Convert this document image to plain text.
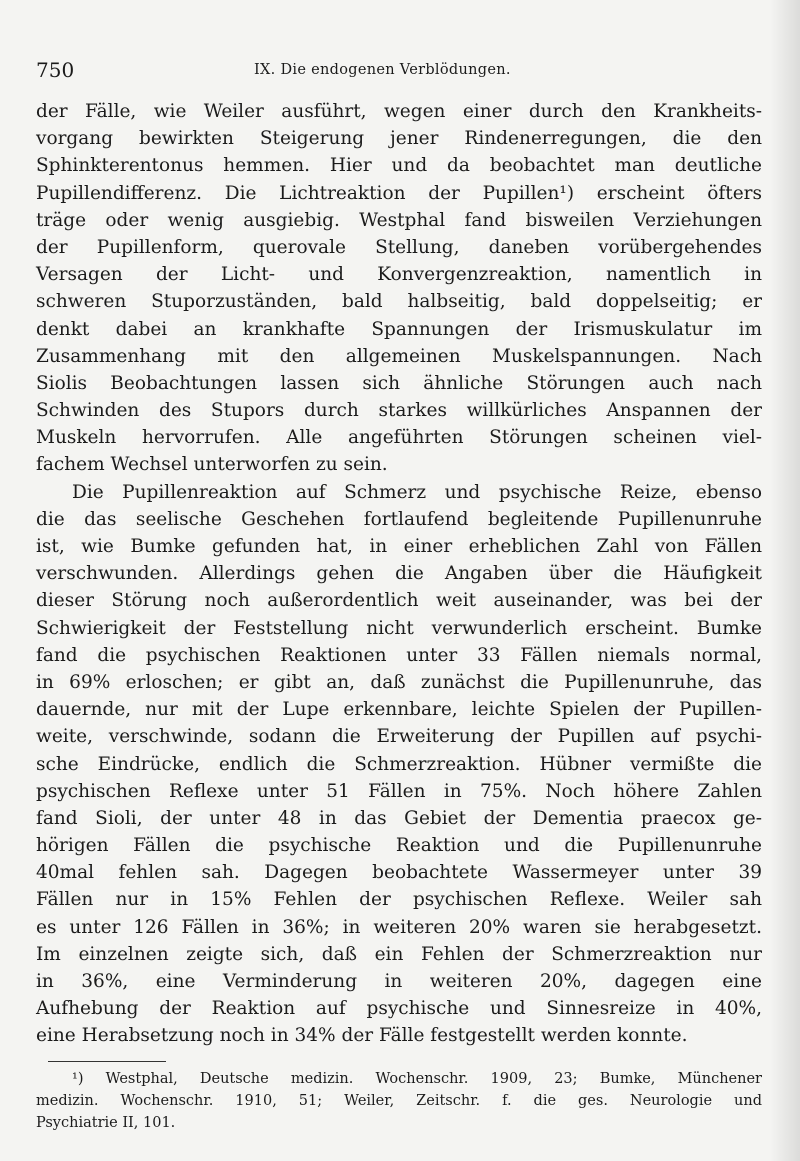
750	IX. Die endogenen Verblödungen.
der Fälle, wie Weiler ausführt, wegen einer durch den Krankheits-
vorgang bewirkten Steigerung jener Rindenerregungen, die den
Sphinkterentonus hemmen. Hier und da beobachtet man deutliche
Pupillendifferenz. Die Lichtreaktion der Pupillen¹) erscheint öfters
träge oder wenig ausgiebig. Westphal fand bisweilen Verziehungen
der Pupillenform, querovale Stellung, daneben vorübergehendes
Versagen der Licht- und Konvergenzreaktion, namentlich in
schweren Stuporzuständen, bald halbseitig, bald doppelseitig; er
denkt dabei an krankhafte Spannungen der Irismuskulatur im
Zusammenhang mit den allgemeinen Muskelspannungen. Nach
Siolis Beobachtungen lassen sich ähnliche Störungen auch nach
Schwinden des Stupors durch starkes willkürliches Anspannen der
Muskeln hervorrufen. Alle angeführten Störungen scheinen viel-
fachem Wechsel unterworfen zu sein.
Die Pupillenreaktion auf Schmerz und psychische Reize, ebenso
die das seelische Geschehen fortlaufend begleitende Pupillenunruhe
ist, wie Bumke gefunden hat, in einer erheblichen Zahl von Fällen
verschwunden. Allerdings gehen die Angaben über die Häufigkeit
dieser Störung noch außerordentlich weit auseinander, was bei der
Schwierigkeit der Feststellung nicht verwunderlich erscheint. Bumke
fand die psychischen Reaktionen unter 33 Fällen niemals normal,
in 69% erloschen; er gibt an, daß zunächst die Pupillenunruhe, das
dauernde, nur mit der Lupe erkennbare, leichte Spielen der Pupillen-
weite, verschwinde, sodann die Erweiterung der Pupillen auf psychi-
sche Eindrücke, endlich die Schmerzreaktion. Hübner vermißte die
psychischen Reflexe unter 51 Fällen in 75%. Noch höhere Zahlen
fand Sioli, der unter 48 in das Gebiet der Dementia praecox ge-
hörigen Fällen die psychische Reaktion und die Pupillenunruhe
40mal fehlen sah. Dagegen beobachtete Wassermeyer unter 39
Fällen nur in 15% Fehlen der psychischen Reflexe. Weiler sah
es unter 126 Fällen in 36%; in weiteren 20% waren sie herabgesetzt.
Im einzelnen zeigte sich, daß ein Fehlen der Schmerzreaktion nur
in 36%, eine Verminderung in weiteren 20%, dagegen eine
Aufhebung der Reaktion auf psychische und Sinnesreize in 40%,
eine Herabsetzung noch in 34% der Fälle festgestellt werden konnte.
¹) Westphal, Deutsche medizin. Wochenschr. 1909, 23; Bumke, Münchener
medizin. Wochenschr. 1910, 51; Weiler, Zeitschr. f. die ges. Neurologie und
Psychiatrie II, 101.
